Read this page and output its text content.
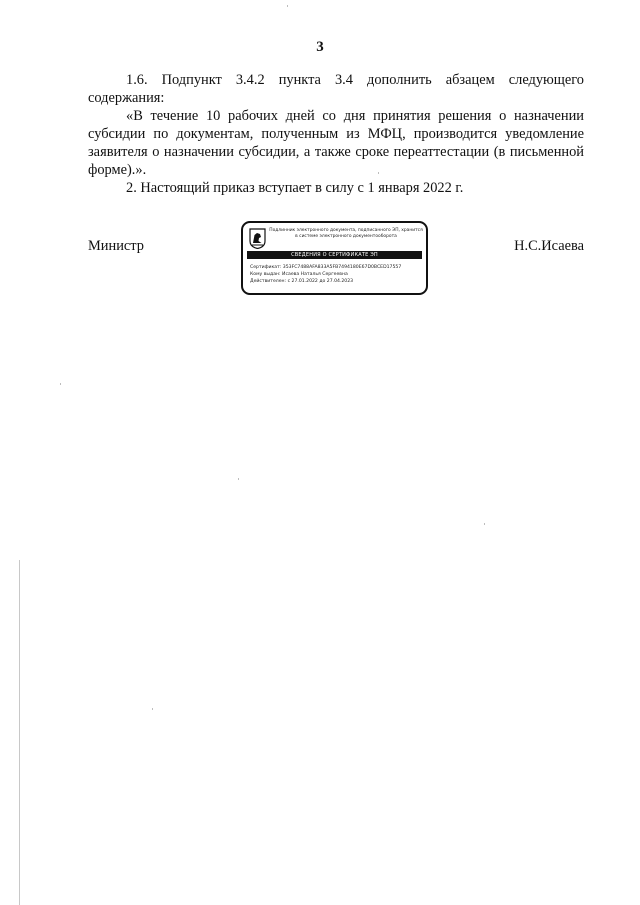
3

1.6. Подпункт 3.4.2 пункта 3.4 дополнить абзацем следующего содержания:

«В течение 10 рабочих дней со дня принятия решения о назначении субсидии по документам, полученным из МФЦ, производится уведомление заявителя о назначении субсидии, а также сроке переаттестации (в письменной форме).».

2. Настоящий приказ вступает в силу с 1 января 2022 г.

Министр	Н.С.Исаева
Подлинник электронного документа, подписанного ЭП, хранится в системе электронного документооборота
СВЕДЕНИЯ О СЕРТИФИКАТЕ ЭП
Сертификат: 353FC7488AFA833A5FB7494180E67D0BCED17557
Кому выдан: Исаева Наталья Сергеевна
Действителен: с 27.01.2022 до 27.04.2023
